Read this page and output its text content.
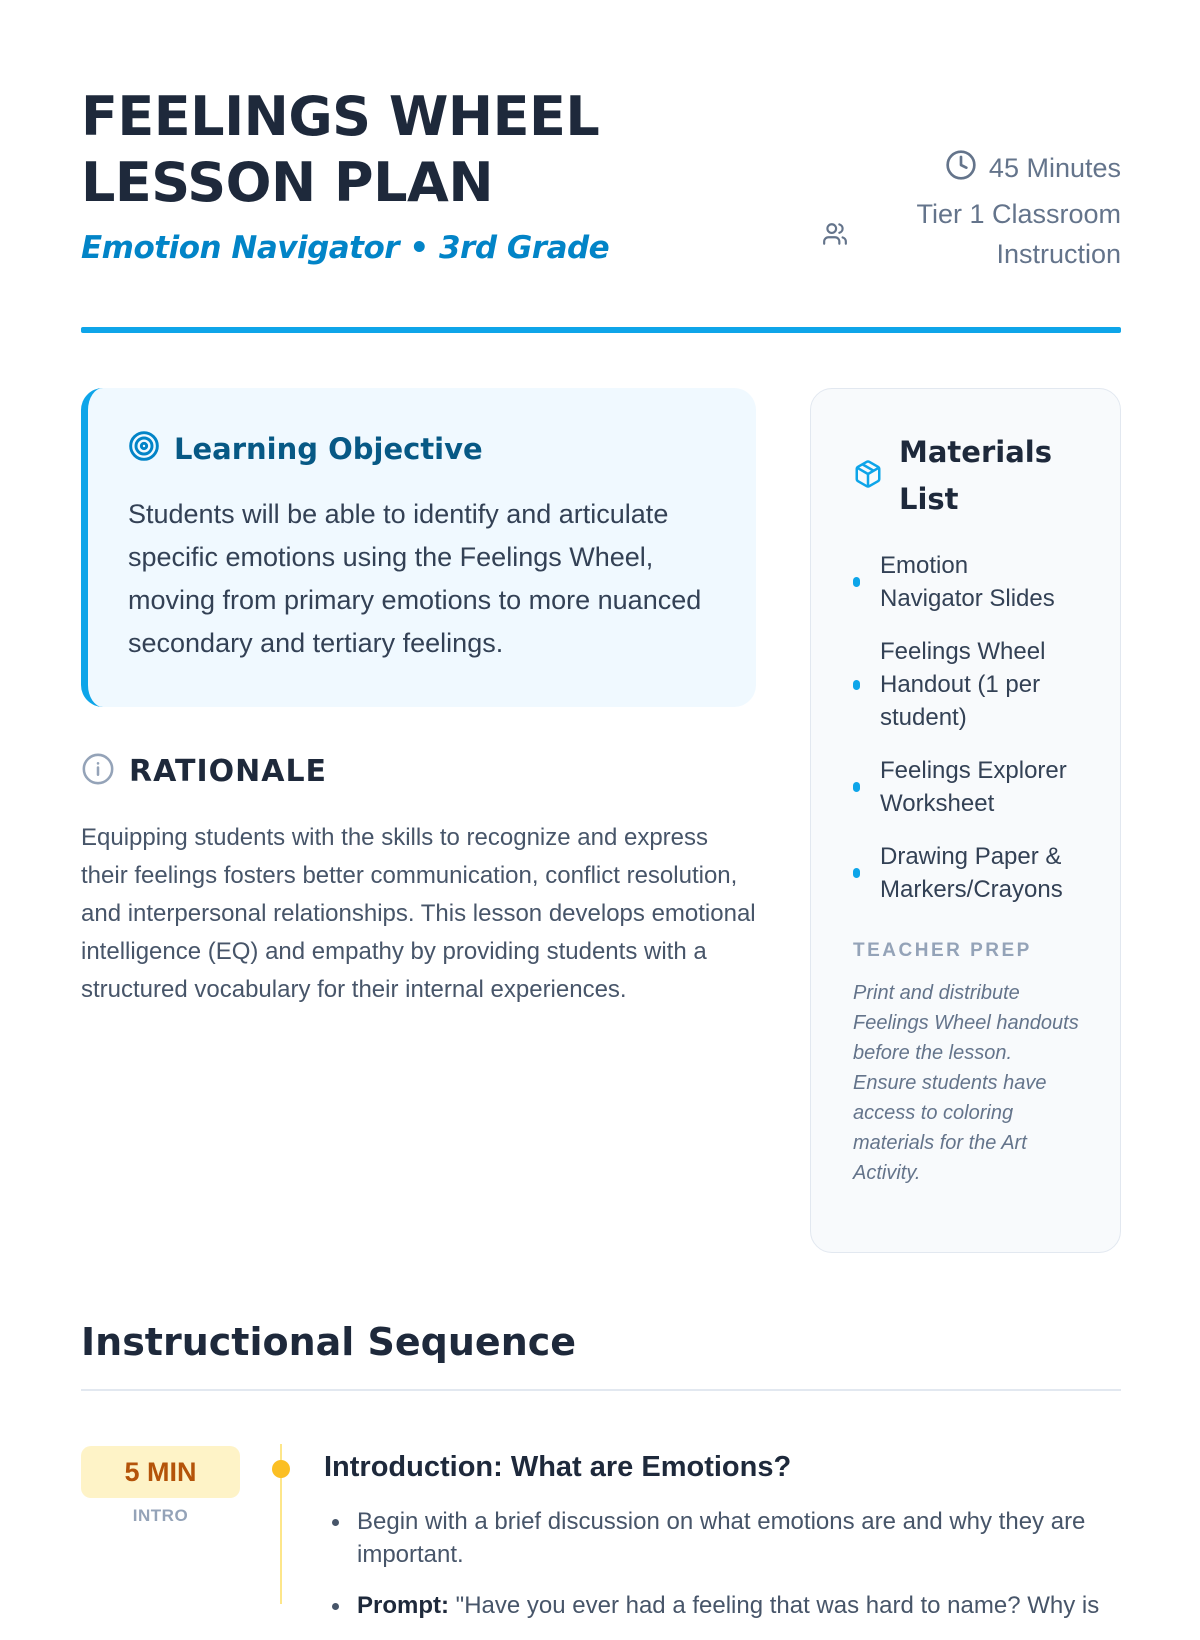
FEELINGS WHEEL
LESSON PLAN
Emotion Navigator • 3rd Grade
45 Minutes
Tier 1 Classroom
Instruction
Learning Objective

Students will be able to identify and articulate specific emotions using the Feelings Wheel, moving from primary emotions to more nuanced secondary and tertiary feelings.

RATIONALE

Equipping students with the skills to recognize and express their feelings fosters better communication, conflict resolution, and interpersonal relationships. This lesson develops emotional intelligence (EQ) and empathy by providing students with a structured vocabulary for their internal experiences.

Materials List
Emotion Navigator Slides
Feelings Wheel Handout (1 per student)
Feelings Explorer Worksheet
Drawing Paper & Markers/Crayons
TEACHER PREP

Print and distribute Feelings Wheel handouts before the lesson. Ensure students have access to coloring materials for the Art Activity.

Instructional Sequence
5 MIN
INTRO
Introduction: What are Emotions?
Begin with a brief discussion on what emotions are and why they are important.
Prompt: "Have you ever had a feeling that was hard to name? Why is
